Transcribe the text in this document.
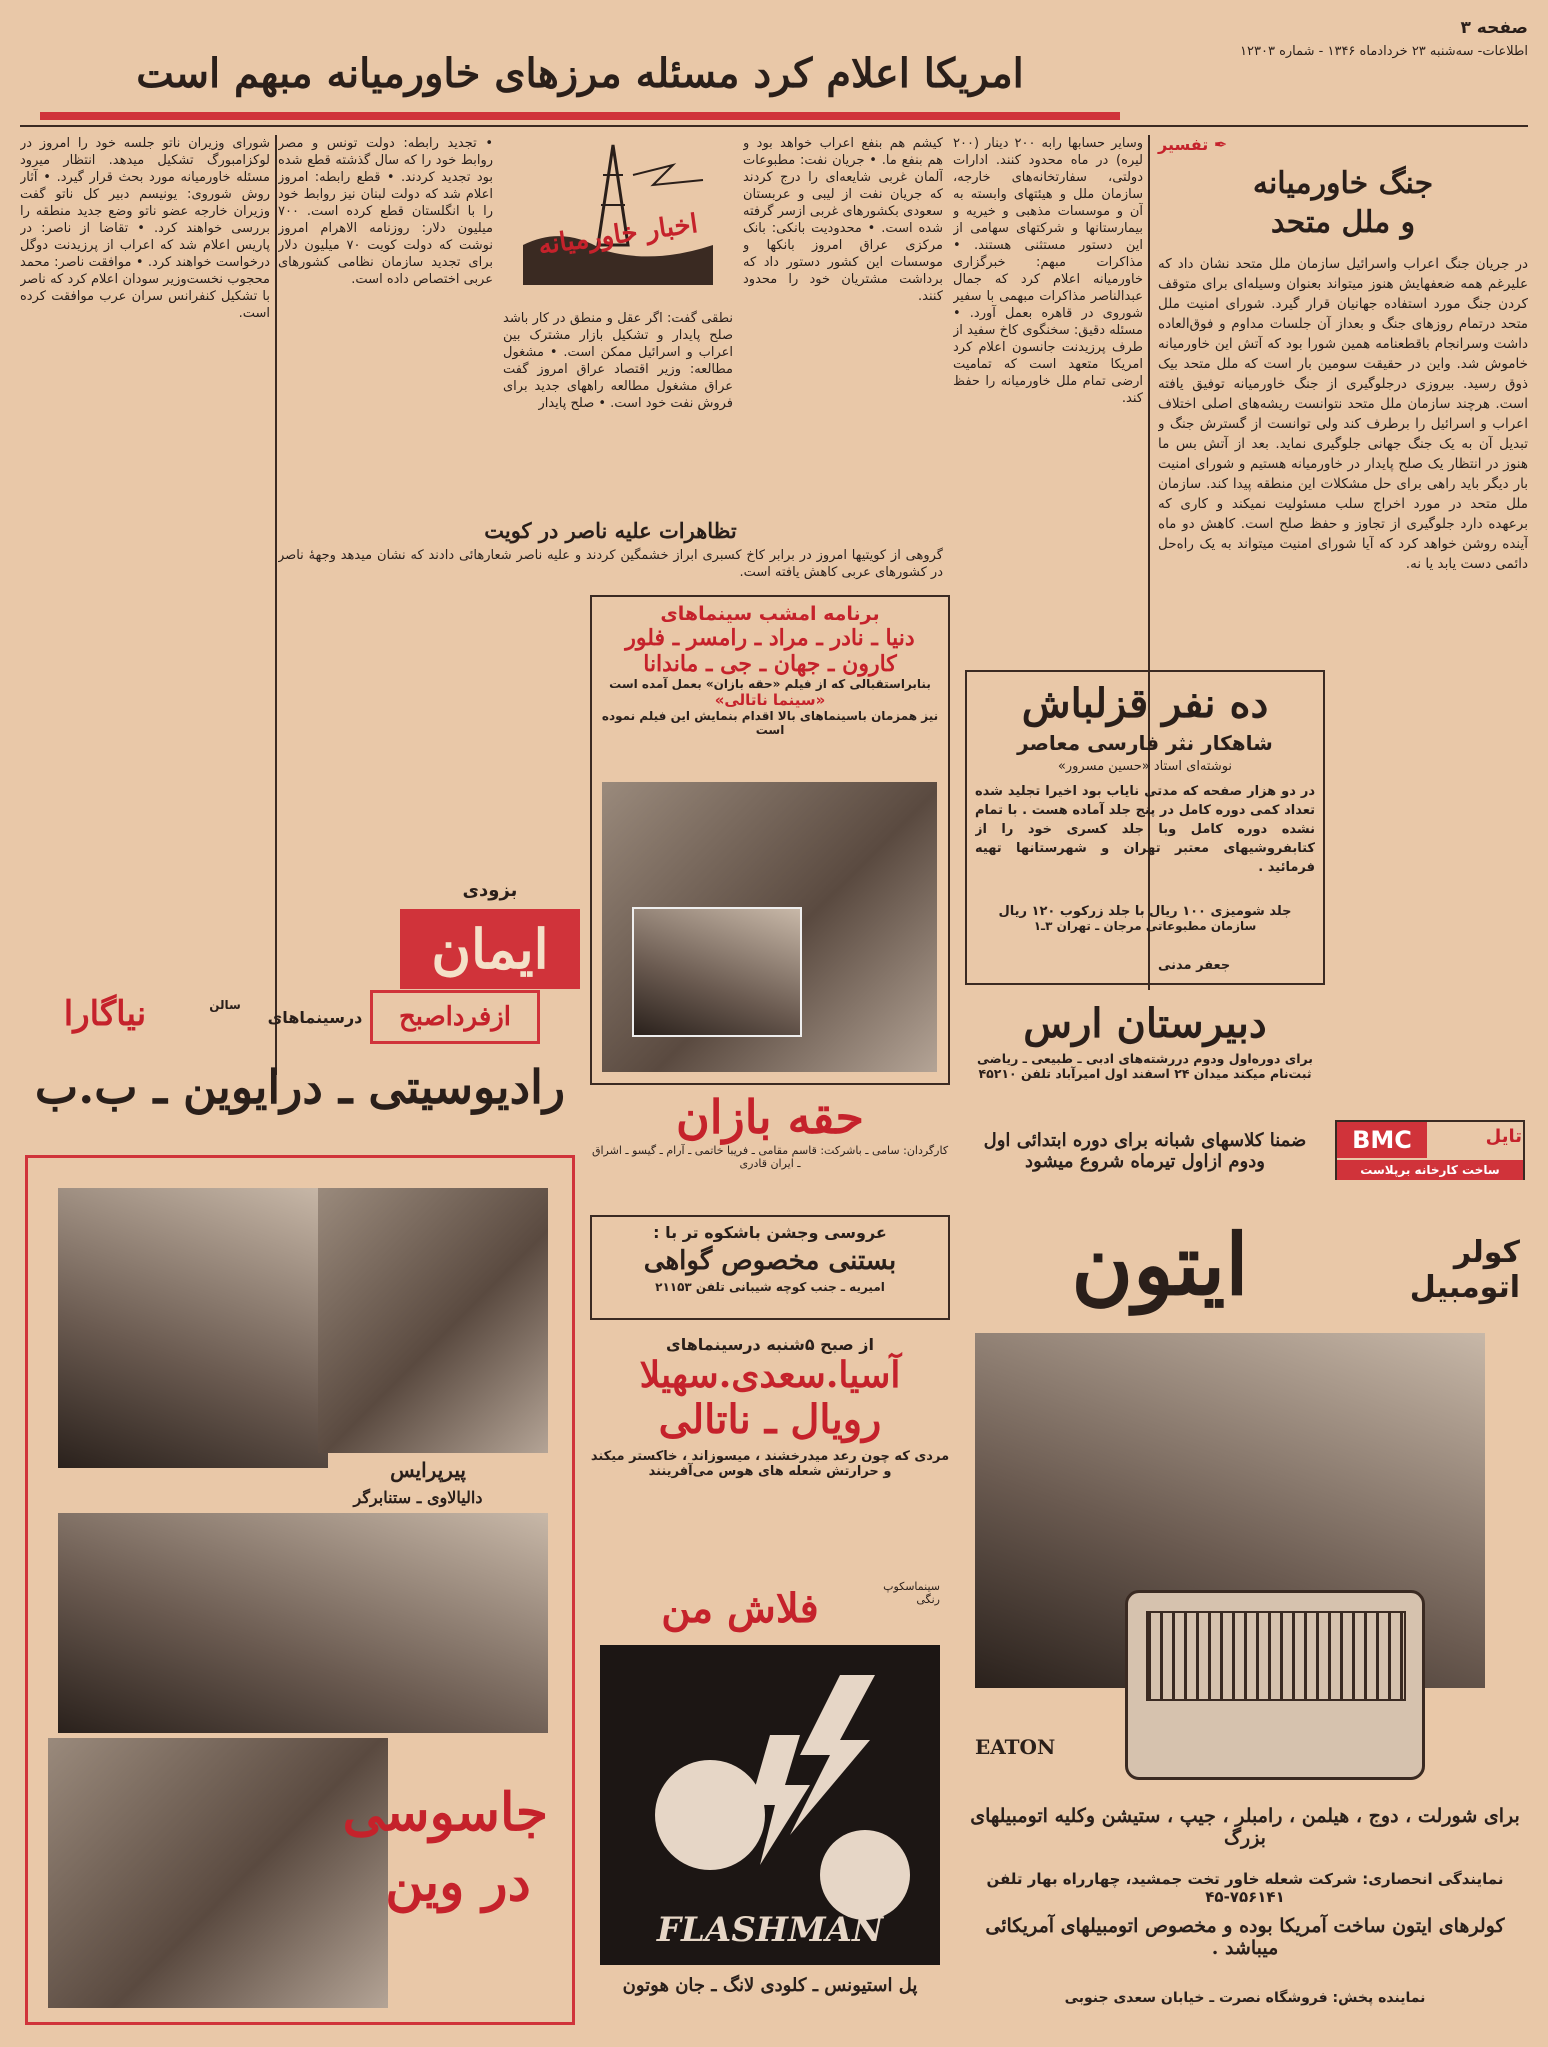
صفحه ۳
اطلاعات- سه‌شنبه ۲۳ خردادماه ۱۳۴۶ - شماره ۱۲۳۰۳
امریکا اعلام کرد مسئله مرزهای خاورمیانه مبهم است
✒ تفسیر
جنگ خاورمیانه
و ملل متحد
در جریان جنگ اعراب واسرائیل سازمان ملل متحد نشان داد که علیرغم همه ضعفهایش هنوز میتواند بعنوان وسیله‌ای برای متوقف کردن جنگ مورد استفاده جهانیان قرار گیرد. شورای امنیت ملل متحد درتمام روزهای جنگ و بعداز آن جلسات مداوم و فوق‌العاده داشت وسرانجام باقطعنامه همین شورا بود که آتش این خاورمیانه خاموش شد. واین در حقیقت سومین بار است که ملل متحد بیک ذوق رسید. بیروزی درجلوگیری از جنگ خاورمیانه توفیق یافته است. هرچند سازمان ملل متحد نتوانست ریشه‌های اصلی اختلاف اعراب و اسرائیل را برطرف کند ولی توانست از گسترش جنگ و تبدیل آن به یک جنگ جهانی جلوگیری نماید. بعد از آتش بس ما هنوز در انتظار یک صلح پایدار در خاورمیانه هستیم و شورای امنیت بار دیگر باید راهی برای حل مشکلات این منطقه پیدا کند. سازمان ملل متحد در مورد اخراج سلب مسئولیت نمیکند و کاری که برعهده دارد جلوگیری از تجاوز و حفظ صلح است. کاهش دو ماه آینده روشن خواهد کرد که آیا شورای امنیت میتواند به یک راه‌حل دائمی دست یابد یا نه.
جعفر مدنی
وسایر حسابها رابه ۲۰۰ دینار (۲۰۰ لیره) در ماه محدود کنند. ادارات دولتی، سفارتخانه‌های خارجه، سازمان ملل و هیئتهای وابسته به آن و موسسات مذهبی و خیریه و بیمارستانها و شرکتهای سهامی از این دستور مستثنی هستند. • مذاکرات مبهم: خبرگزاری خاورمیانه اعلام کرد که جمال عبدالناصر مذاکرات مبهمی با سفیر شوروی در قاهره بعمل آورد. • مسئله دقیق: سخنگوی کاخ سفید از طرف پرزیدنت جانسون اعلام کرد امریکا متعهد است که تمامیت ارضی تمام ملل خاورمیانه را حفظ کند.
کیشم هم بنفع اعراب خواهد بود و هم بنفع ما. • جریان نفت: مطبوعات آلمان غربی شایعه‌ای را درج کردند که جریان نفت از لیبی و عربستان سعودی بکشورهای غربی ازسر گرفته شده است. • محدودیت بانکی: بانک مرکزی عراق امروز بانکها و موسسات این کشور دستور داد که برداشت مشتریان خود را محدود کنند.
اخبار خاورمیانه
نطقی گفت: اگر عقل و منطق در کار باشد صلح پایدار و تشکیل بازار مشترک بین اعراب و اسرائیل ممکن است. • مشغول مطالعه: وزیر اقتصاد عراق امروز گفت عراق مشغول مطالعه راههای جدید برای فروش نفت خود است. • صلح پایدار
• تجدید رابطه: دولت تونس و مصر روابط خود را که سال گذشته قطع شده بود تجدید کردند. • قطع رابطه: امروز اعلام شد که دولت لبنان نیز روابط خود را با انگلستان قطع کرده است. ۷۰۰ میلیون دلار: روزنامه الاهرام امروز نوشت که دولت کویت ۷۰ میلیون دلار برای تجدید سازمان نظامی کشورهای عربی اختصاص داده است.
شورای وزیران ناتو جلسه خود را امروز در لوکزامبورگ تشکیل میدهد. انتظار میرود مسئله خاورمیانه مورد بحث قرار گیرد. • آثار روش شوروی: یونیسم دبیر کل ناتو گفت وزیران خارجه عضو ناتو وضع جدید منطقه را بررسی خواهند کرد. • تقاضا از ناصر: در پاریس اعلام شد که اعراب از پرزیدنت دوگل درخواست خواهند کرد. • موافقت ناصر: محمد محجوب نخست‌وزیر سودان اعلام کرد که ناصر با تشکیل کنفرانس سران عرب موافقت کرده است.
تظاهرات علیه ناصر در کویت
گروهی از کویتیها امروز در برابر کاخ کسبری ابراز خشمگین کردند و علیه ناصر شعارهائی دادند که نشان میدهد وجههٔ ناصر در کشورهای عربی کاهش یافته است.
برنامه امشب سینماهای
دنیا ـ نادر ـ مراد ـ رامسر ـ فلور
کارون ـ جهان ـ جی ـ ماندانا
بنابراستقبالی که از فیلم «حقه بازان» بعمل آمده است
«سینما ناتالی»
نیز همزمان باسینماهای بالا اقدام بنمایش این فیلم نموده است
حقه بازان
کارگردان: سامی ـ باشرکت: قاسم مقامی ـ فریبا خاتمی ـ آرام ـ گیسو ـ اشراق ـ ایران قادری
بزودی
ایمان
ده نفر قزلباش
شاهکار نثر فارسی معاصر
نوشته‌ای استاد «حسین مسرور»
در دو هزار صفحه که مدتی نایاب بود اخیرا تجلید شده تعداد کمی دوره کامل در پنج جلد آماده هست . با تمام نشده دوره کامل وبا جلد کسری خود را از کتابفروشیهای معتبر تهران و شهرستانها تهیه فرمائید .
جلد شومیزی ۱۰۰ ریال با جلد زرکوب ۱۲۰ ریال
سازمان مطبوعاتی مرجان ـ تهران ۳ـ۱
دبیرستان ارس
برای دوره‌اول ودوم دررشته‌های ادبی ـ طبیعی ـ ریاضی ثبت‌نام میکند میدان ۲۴ اسفند اول امیرآباد تلفن ۴۵۲۱۰
ضمنا کلاسهای شبانه برای دوره ابتدائی اول ودوم ازاول تیرماه شروع میشود
BMC	تایل
ساخت کارخانه برپلاست
ازفرداصبح
درسینماهای
سالن
نیاگارا
رادیوسیتی ـ درایوین ـ ب.ب
پیرپرایس
دالیالاوی ـ ستنابرگر
جاسوسی در وین
عروسی وجشن باشکوه تر با :
بستنی مخصوص گواهی
امیریه ـ جنب کوچه شیبانی تلفن ۲۱۱۵۳
از صبح ۵شنبه درسینماهای
آسیا.سعدی.سهیلا
رویال ـ ناتالی
مردی که چون رعد میدرخشند ، میسوزاند ، خاکستر میکند و حرارتش شعله های هوس می‌آفرینند
سینماسکوپ رنگی
فلاش من
FLASHMAN
پل استیونس ـ کلودی لانگ ـ جان هوتون
کولر اتومبیل
ایتون
EATON
برای شورلت ، دوج ، هیلمن ، رامبلر ، جیپ ، ستیشن وکلیه اتومبیلهای بزرگ
نمایندگی انحصاری: شرکت شعله خاور تخت جمشید، چهارراه بهار تلفن ۷۵۶۱۴۱-۴۵
کولرهای ایتون ساخت آمریکا بوده و مخصوص اتومبیلهای آمریکائی میباشد .
نماینده پخش: فروشگاه نصرت ـ خیابان سعدی جنوبی
